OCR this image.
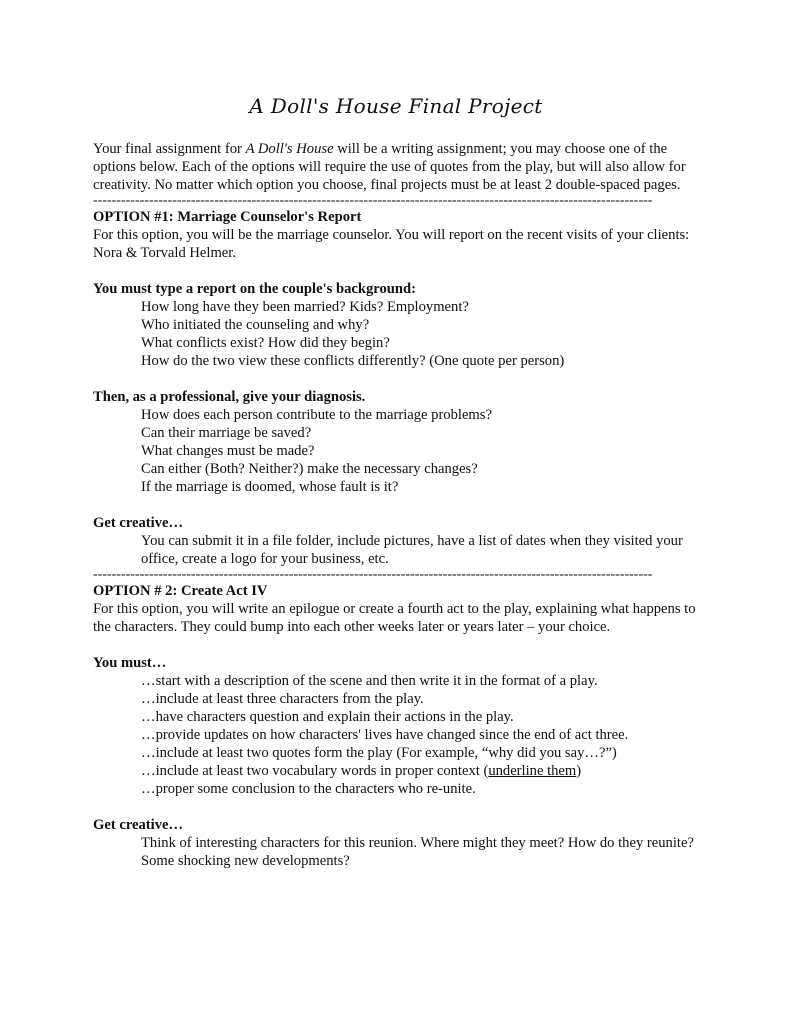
A Doll's House Final Project

Your final assignment for A Doll's House will be a writing assignment; you may choose one of the options below. Each of the options will require the use of quotes from the play, but will also allow for creativity. No matter which option you choose, final projects must be at least 2 double-spaced pages.

------------------------------------------------------------------------------------------------------------------------

OPTION #1: Marriage Counselor's Report

For this option, you will be the marriage counselor. You will report on the recent visits of your clients: Nora & Torvald Helmer.

You must type a report on the couple's background:

How long have they been married? Kids? Employment?

Who initiated the counseling and why?

What conflicts exist? How did they begin?

How do the two view these conflicts differently? (One quote per person)

Then, as a professional, give your diagnosis.

How does each person contribute to the marriage problems?

Can their marriage be saved?

What changes must be made?

Can either (Both? Neither?) make the necessary changes?

If the marriage is doomed, whose fault is it?

Get creative…

You can submit it in a file folder, include pictures, have a list of dates when they visited your office, create a logo for your business, etc.

------------------------------------------------------------------------------------------------------------------------

OPTION # 2: Create Act IV

For this option, you will write an epilogue or create a fourth act to the play, explaining what happens to the characters. They could bump into each other weeks later or years later – your choice.

You must…

…start with a description of the scene and then write it in the format of a play.

…include at least three characters from the play.

…have characters question and explain their actions in the play.

…provide updates on how characters' lives have changed since the end of act three.

…include at least two quotes form the play (For example, “why did you say…?”)

…include at least two vocabulary words in proper context (underline them)

…proper some conclusion to the characters who re-unite.

Get creative…

Think of interesting characters for this reunion. Where might they meet? How do they reunite? Some shocking new developments?
